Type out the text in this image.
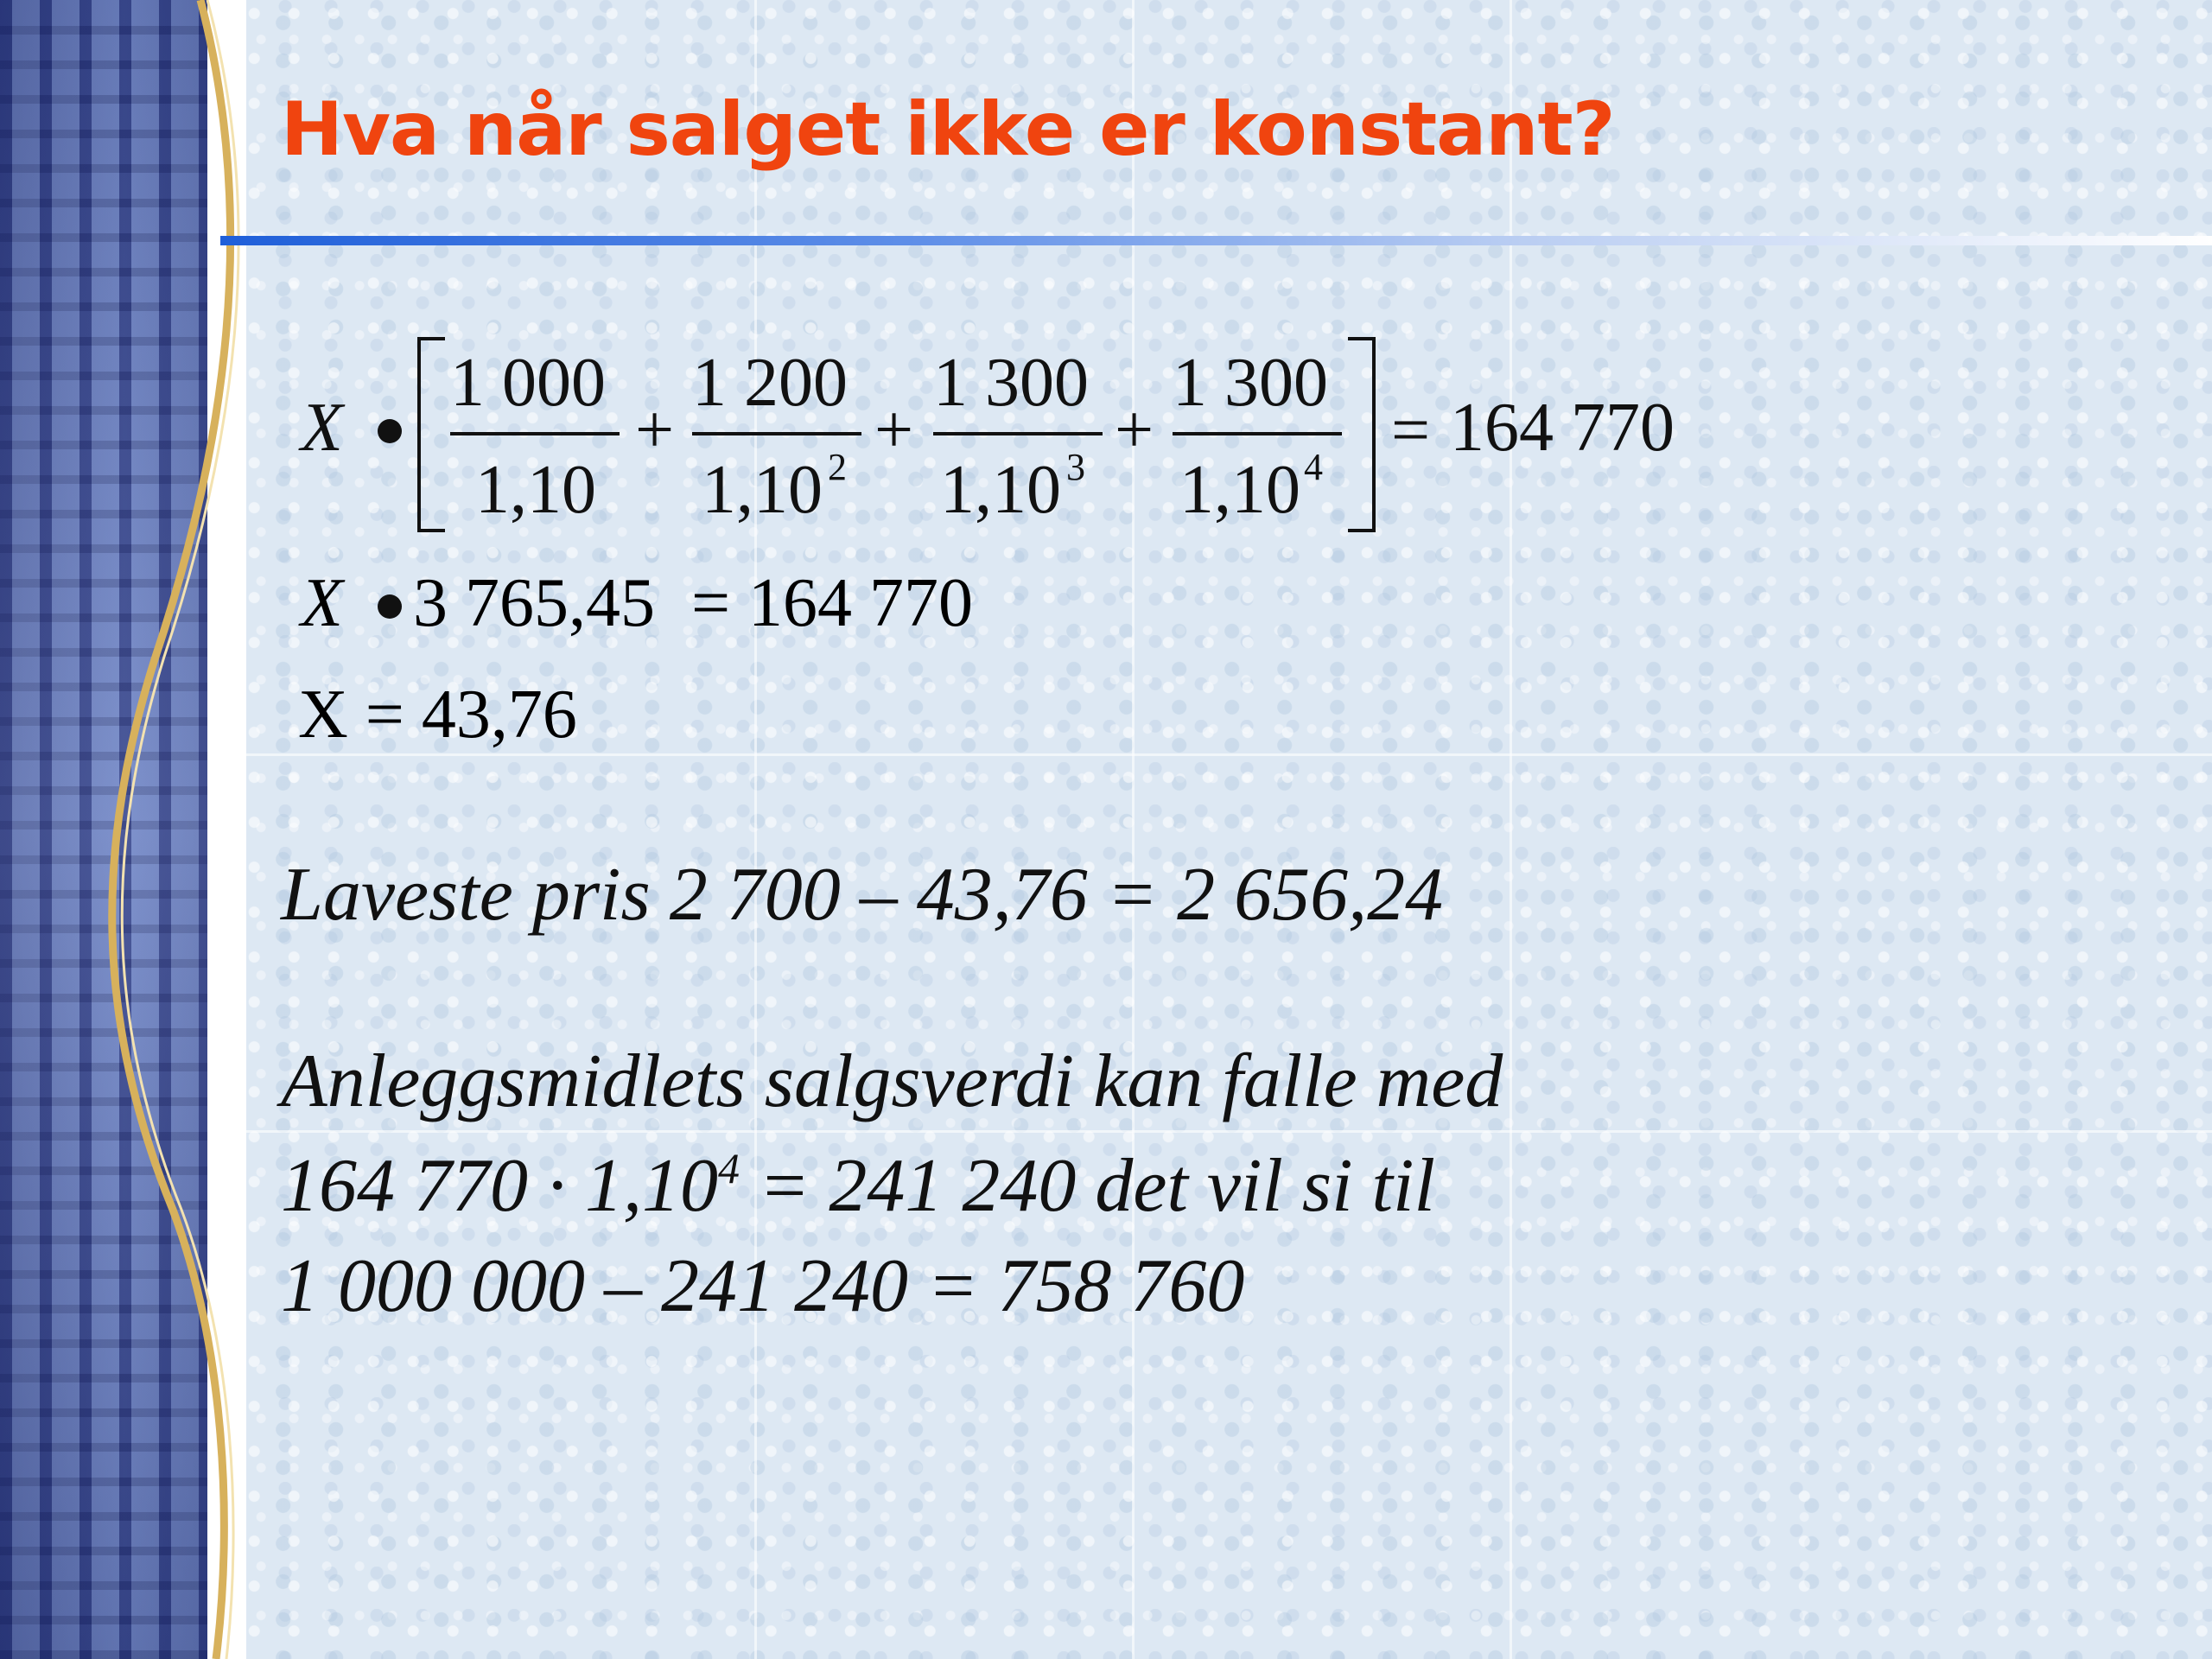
Hva når salget ikke er konstant?
X
1 000
1,10
+
1 200
1,10 2 +
1 300
1,10 3 +
1 300
1,10 4 = 164 770
X 3 765,45 = 164 770
X = 43,76

Laveste pris 2 700 – 43,76 = 2 656,24

Anleggsmidlets salgsverdi kan falle med

164 $770 \cdot 1,10^4 = 241$ 240 det vil si til

1 000 000 – 241 240 = 758 760
